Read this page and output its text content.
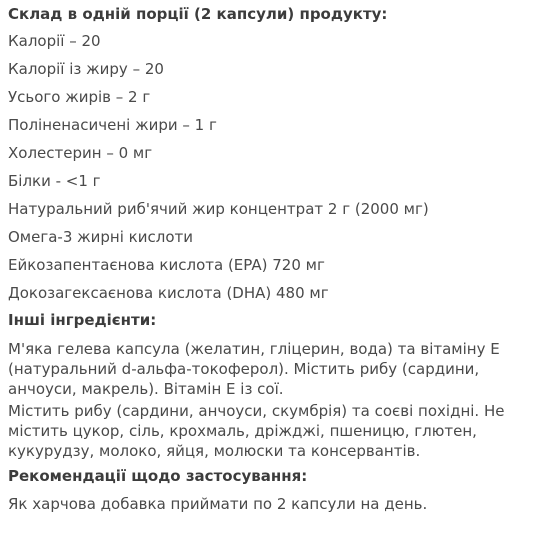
Склад в одній порції (2 капсули) продукту:
Калорії – 20
Калорії із жиру – 20
Усього жирів – 2 г
Поліненасичені жири – 1 г
Холестерин – 0 мг
Білки - <1 г
Натуральний риб'ячий жир концентрат 2 г (2000 мг)
Омега-3 жирні кислоти
Ейкозапентаєнова кислота (EPA) 720 мг
Докозагексаєнова кислота (DHA) 480 мг
Інші інгредієнти:
М'яка гелева капсула (желатин, гліцерин, вода) та вітаміну Е (натуральний d-альфа-токоферол). Містить рибу (сардини, анчоуси, макрель). Вітамін Е із сої.
Містить рибу (сардини, анчоуси, скумбрія) та соєві похідні. Не містить цукор, сіль, крохмаль, дріжджі, пшеницю, глютен, кукурудзу, молоко, яйця, молюски та консервантів.
Рекомендації щодо застосування:
Як харчова добавка приймати по 2 капсули на день.
